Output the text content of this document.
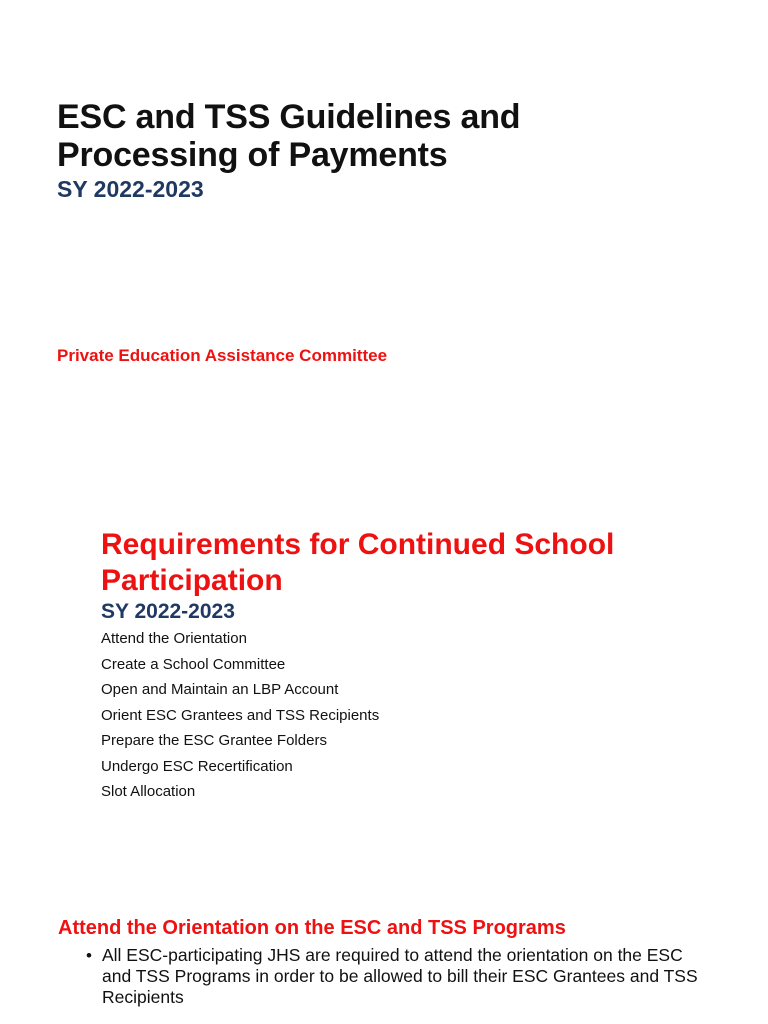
ESC and TSS Guidelines and Processing of Payments
SY 2022-2023
Private Education Assistance Committee
Requirements for Continued School Participation
SY 2022-2023
Attend the Orientation
Create a School Committee
Open and Maintain an LBP Account
Orient ESC Grantees and TSS Recipients
Prepare the ESC Grantee Folders
Undergo ESC Recertification
Slot Allocation
Attend the Orientation on the ESC and TSS Programs
• All ESC-participating JHS are required to attend the orientation on the ESC and TSS Programs in order to be allowed to bill their ESC Grantees and TSS Recipients
